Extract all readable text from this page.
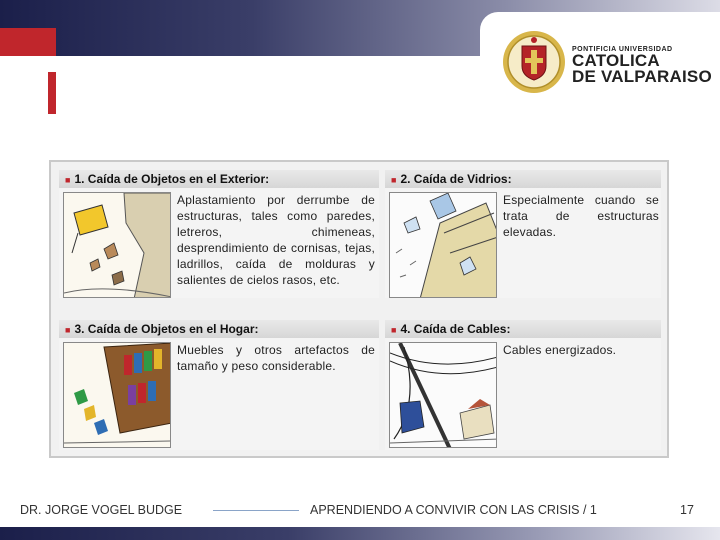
PONTIFICIA UNIVERSIDAD
CATOLICA
DE VALPARAISO
■ 1. Caída de Objetos en el Exterior:
Aplastamiento por derrumbe de estructuras, tales como paredes, letreros, chimeneas, desprendimiento de cornisas, tejas, ladrillos, caída de molduras y salientes de cielos rasos, etc.
■ 2. Caída de Vidrios:
Especialmente cuando se trata de estructuras elevadas.
■ 3. Caída de Objetos en el Hogar:
Muebles y otros artefactos de tamaño y peso considerable.
■ 4. Caída de Cables:
Cables energizados.
DR. JORGE VOGEL BUDGE	APRENDIENDO A CONVIVIR CON LAS CRISIS / 1	17
